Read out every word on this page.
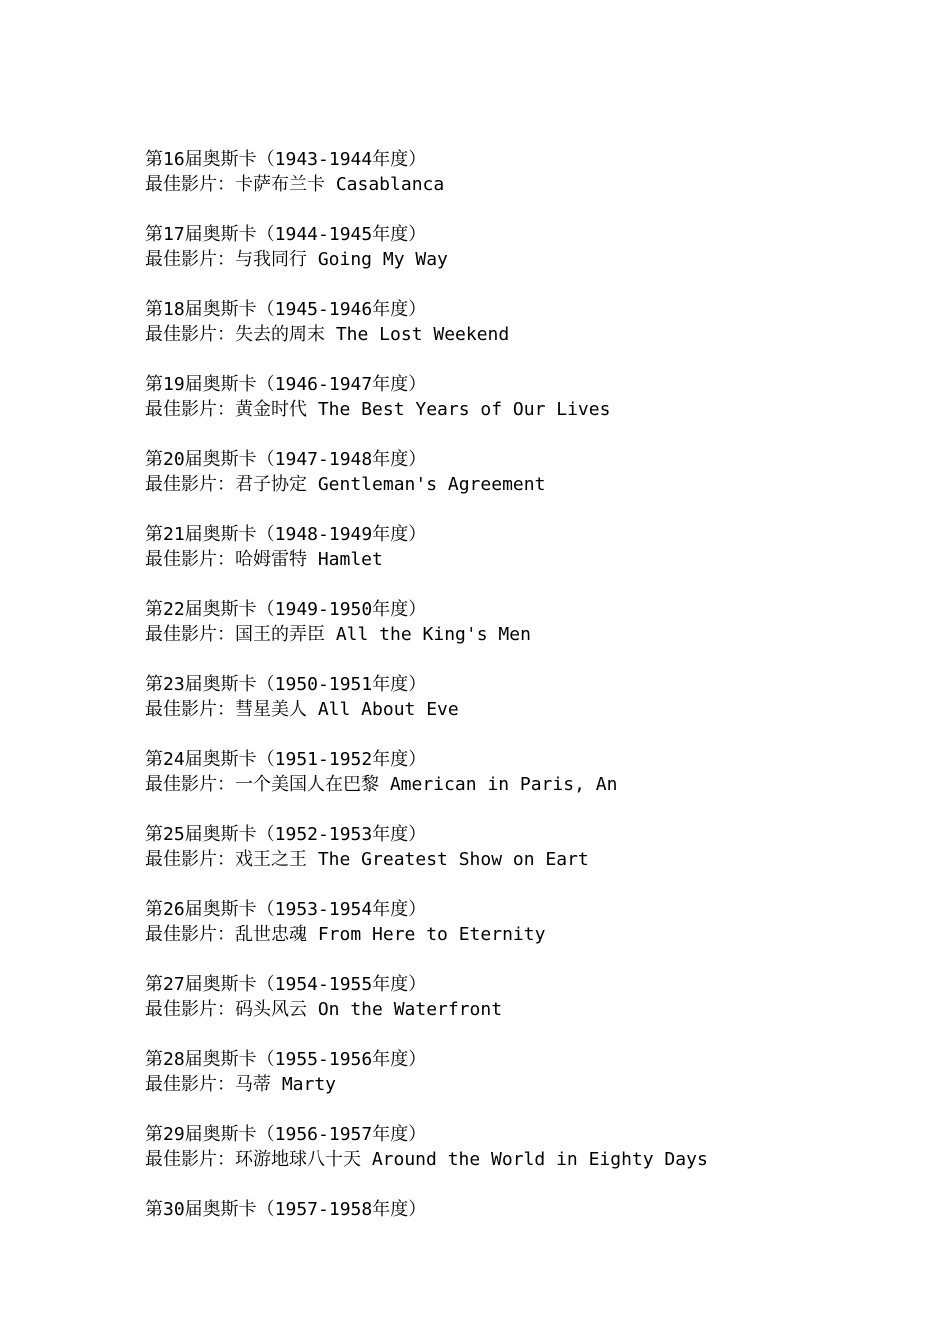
第16届奥斯卡（1943-1944年度）
最佳影片：卡萨布兰卡 Casablanca
第17届奥斯卡（1944-1945年度）
最佳影片：与我同行 Going My Way
第18届奥斯卡（1945-1946年度）
最佳影片：失去的周末 The Lost Weekend
第19届奥斯卡（1946-1947年度）
最佳影片：黄金时代 The Best Years of Our Lives
第20届奥斯卡（1947-1948年度）
最佳影片：君子协定 Gentleman's Agreement
第21届奥斯卡（1948-1949年度）
最佳影片：哈姆雷特 Hamlet
第22届奥斯卡（1949-1950年度）
最佳影片：国王的弄臣 All the King's Men
第23届奥斯卡（1950-1951年度）
最佳影片：彗星美人 All About Eve
第24届奥斯卡（1951-1952年度）
最佳影片：一个美国人在巴黎 American in Paris, An
第25届奥斯卡（1952-1953年度）
最佳影片：戏王之王 The Greatest Show on Eart
第26届奥斯卡（1953-1954年度）
最佳影片：乱世忠魂 From Here to Eternity
第27届奥斯卡（1954-1955年度）
最佳影片：码头风云 On the Waterfront
第28届奥斯卡（1955-1956年度）
最佳影片：马蒂 Marty
第29届奥斯卡（1956-1957年度）
最佳影片：环游地球八十天 Around the World in Eighty Days
第30届奥斯卡（1957-1958年度）
